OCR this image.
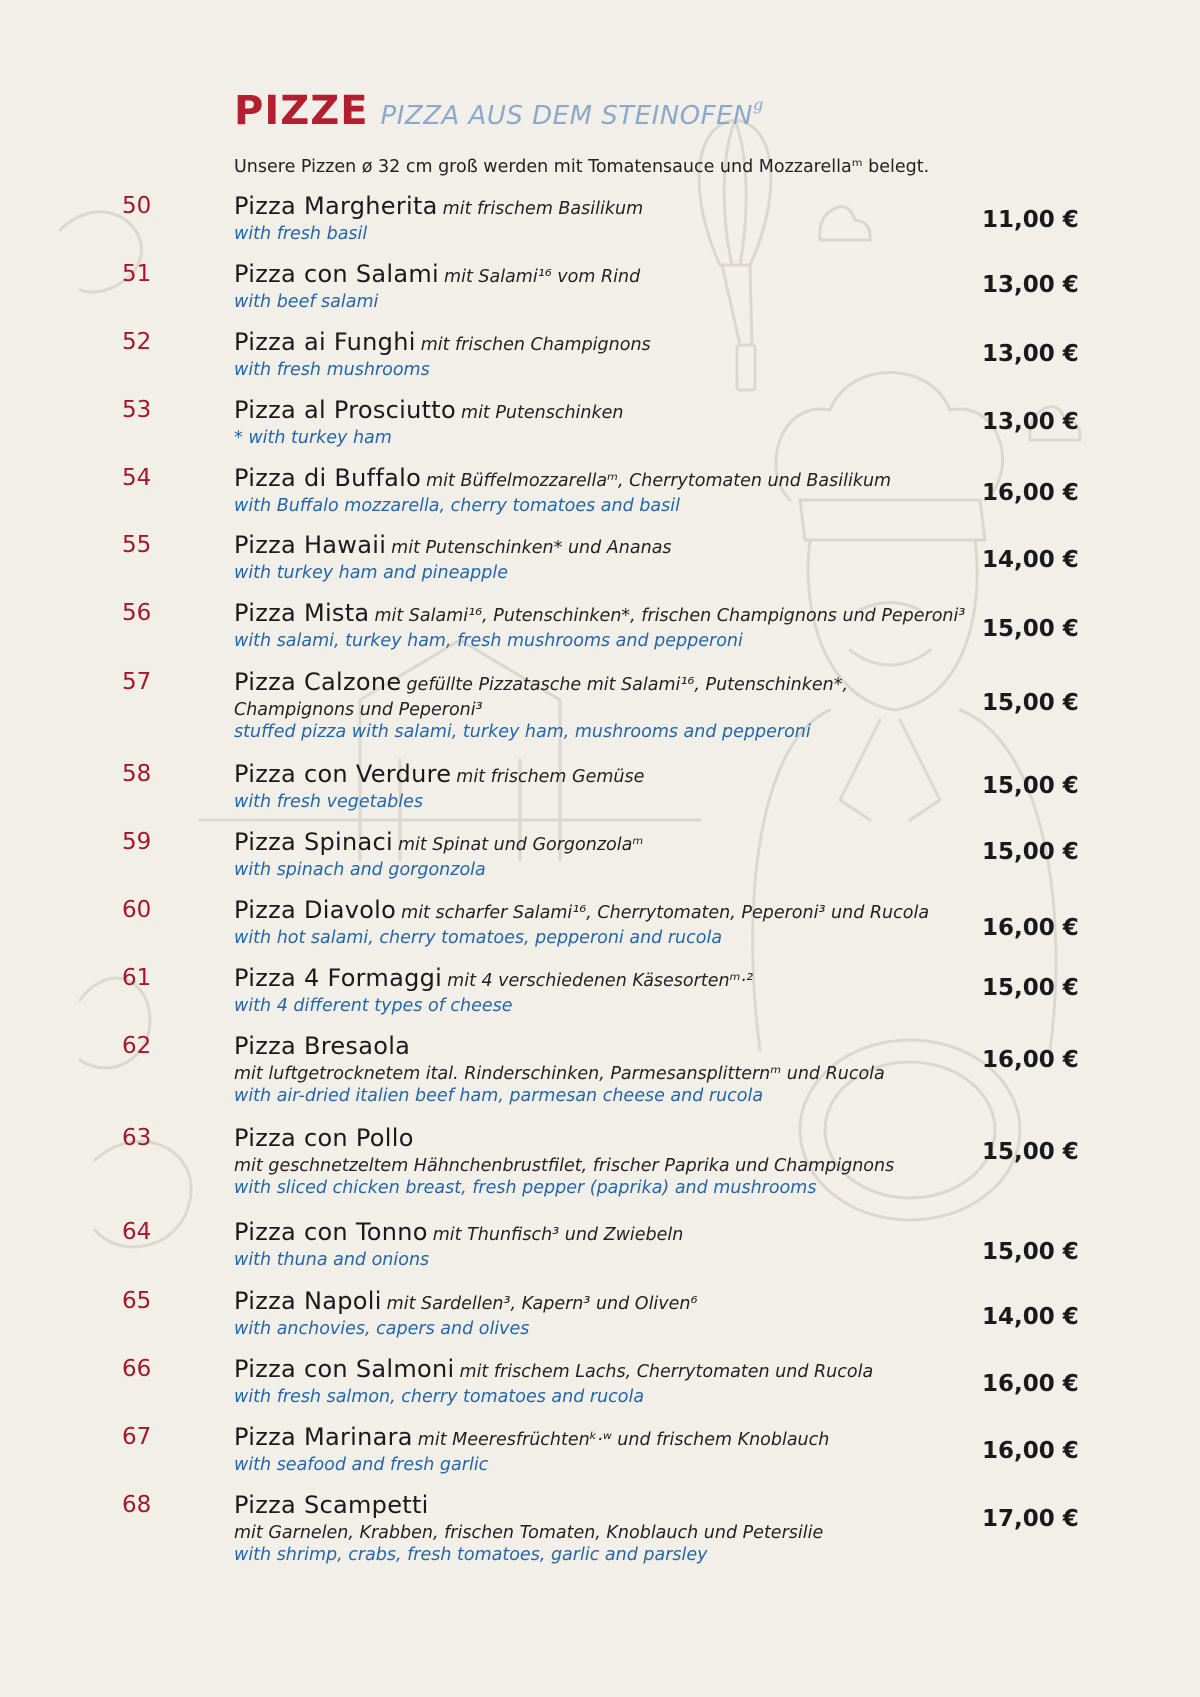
PIZZE PIZZA AUS DEM STEINOFENg
Unsere Pizzen ø 32 cm groß werden mit Tomatensauce und Mozzarellaᵐ belegt.
50	Pizza Margherita mit frischem Basilikum
with fresh basil
11,00 €
51	Pizza con Salami mit Salami¹⁶ vom Rind
with beef salami
13,00 €
52	Pizza ai Funghi mit frischen Champignons
with fresh mushrooms
13,00 €
53	Pizza al Prosciutto mit Putenschinken
* with turkey ham
13,00 €
54	Pizza di Buffalo mit Büffelmozzarellaᵐ, Cherrytomaten und Basilikum
with Buffalo mozzarella, cherry tomatoes and basil	16,00 €
55	Pizza Hawaii mit Putenschinken* und Ananas
with turkey ham and pineapple	14,00 €
56	Pizza Mista mit Salami¹⁶, Putenschinken*, frischen Champignons und Peperoni³
with salami, turkey ham, fresh mushrooms and pepperoni	15,00 €
57	Pizza Calzone gefüllte Pizzatasche mit Salami¹⁶, Putenschinken*,
Champignons und Peperoni³
stuffed pizza with salami, turkey ham, mushrooms and pepperoni
15,00 €
58	Pizza con Verdure mit frischem Gemüse
with fresh vegetables
15,00 €
59	Pizza Spinaci mit Spinat und Gorgonzolaᵐ
with spinach and gorgonzola
15,00 €
60	Pizza Diavolo mit scharfer Salami¹⁶, Cherrytomaten, Peperoni³ und Rucola
with hot salami, cherry tomatoes, pepperoni and rucola	16,00 €
61	Pizza 4 Formaggi mit 4 verschiedenen Käsesortenᵐ·²
with 4 different types of cheese
15,00 €
62	Pizza Bresaola
mit luftgetrocknetem ital. Rinderschinken, Parmesansplitternᵐ und Rucola
with air-dried italien beef ham, parmesan cheese and rucola
16,00 €
63	Pizza con Pollo
mit geschnetzeltem Hähnchenbrustfilet, frischer Paprika und Champignons
with sliced chicken breast, fresh pepper (paprika) and mushrooms
15,00 €
64	Pizza con Tonno mit Thunfisch³ und Zwiebeln
with thuna and onions	15,00 €
65	Pizza Napoli mit Sardellen³, Kapern³ und Oliven⁶
with anchovies, capers and olives	14,00 €
66	Pizza con Salmoni mit frischem Lachs, Cherrytomaten und Rucola
with fresh salmon, cherry tomatoes and rucola	16,00 €
67	Pizza Marinara mit Meeresfrüchtenᵏ·ʷ und frischem Knoblauch
with seafood and fresh garlic
16,00 €
68	Pizza Scampetti
mit Garnelen, Krabben, frischen Tomaten, Knoblauch und Petersilie
with shrimp, crabs, fresh tomatoes, garlic and parsley
17,00 €
